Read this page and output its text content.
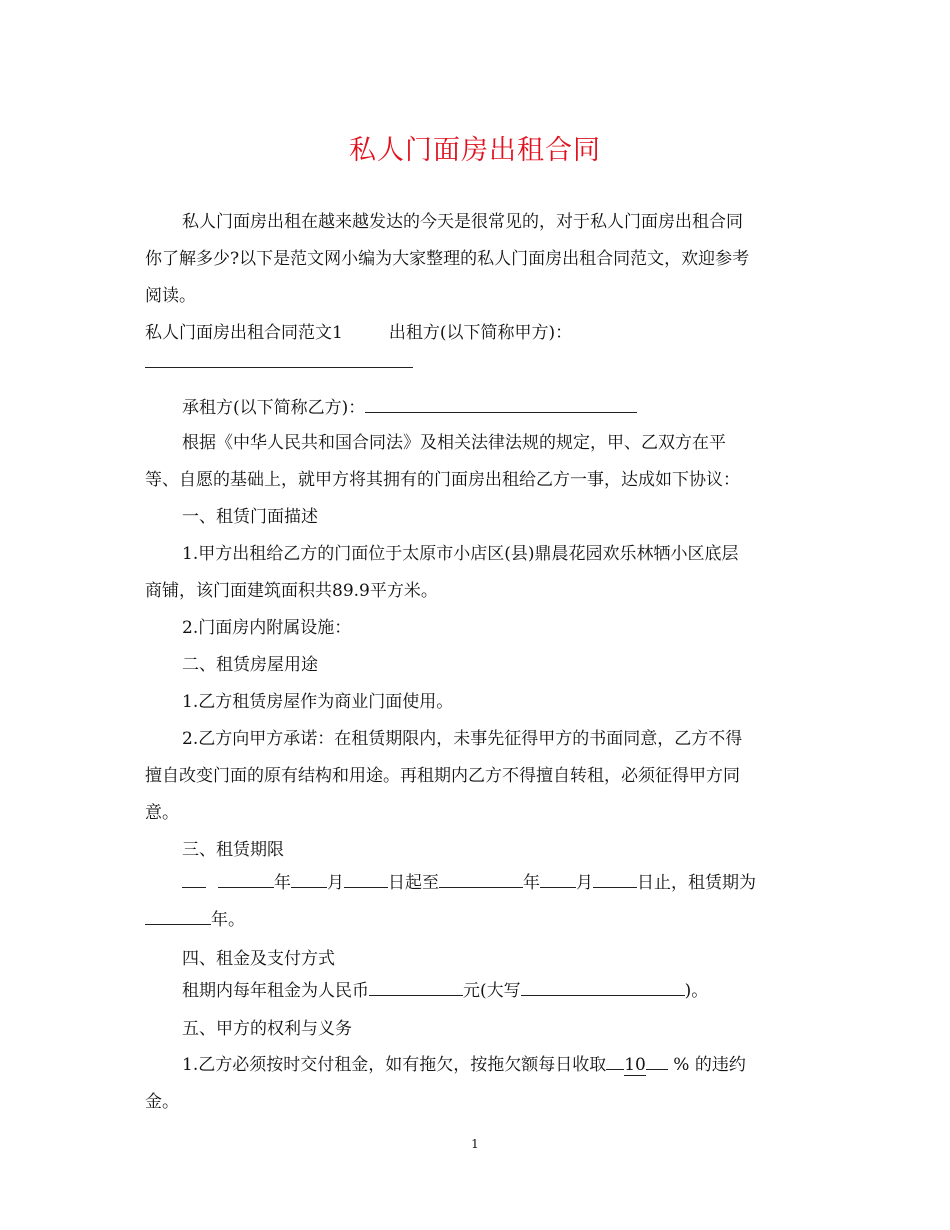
私人门面房出租合同

私人门面房出租在越来越发达的今天是很常见的，对于私人门面房出租合同

你了解多少?以下是范文网小编为大家整理的私人门面房出租合同范文，欢迎参考

阅读。

私人门面房出租合同范文1	出租方(以下简称甲方)：

承租方(以下简称乙方)：

根据《中华人民共和国合同法》及相关法律法规的规定，甲、乙双方在平

等、自愿的基础上，就甲方将其拥有的门面房出租给乙方一事，达成如下协议：

一、租赁门面描述

1.甲方出租给乙方的门面位于太原市小店区(县)鼎晨花园欢乐林牺小区底层

商铺，该门面建筑面积共89.9平方米。

2.门面房内附属设施：

二、租赁房屋用途

1.乙方租赁房屋作为商业门面使用。

2.乙方向甲方承诺：在租赁期限内，未事先征得甲方的书面同意，乙方不得

擅自改变门面的原有结构和用途。再租期内乙方不得擅自转租，必须征得甲方同

意。

三、租赁期限

年 月	日起至	年 月	日止，租赁期为

年。

四、租金及支付方式

租期内每年租金为人民币	元(大写	)。

五、甲方的权利与义务

1.乙方必须按时交付租金，如有拖欠，按拖欠额每日收取 10 % 的违约

金。

1
